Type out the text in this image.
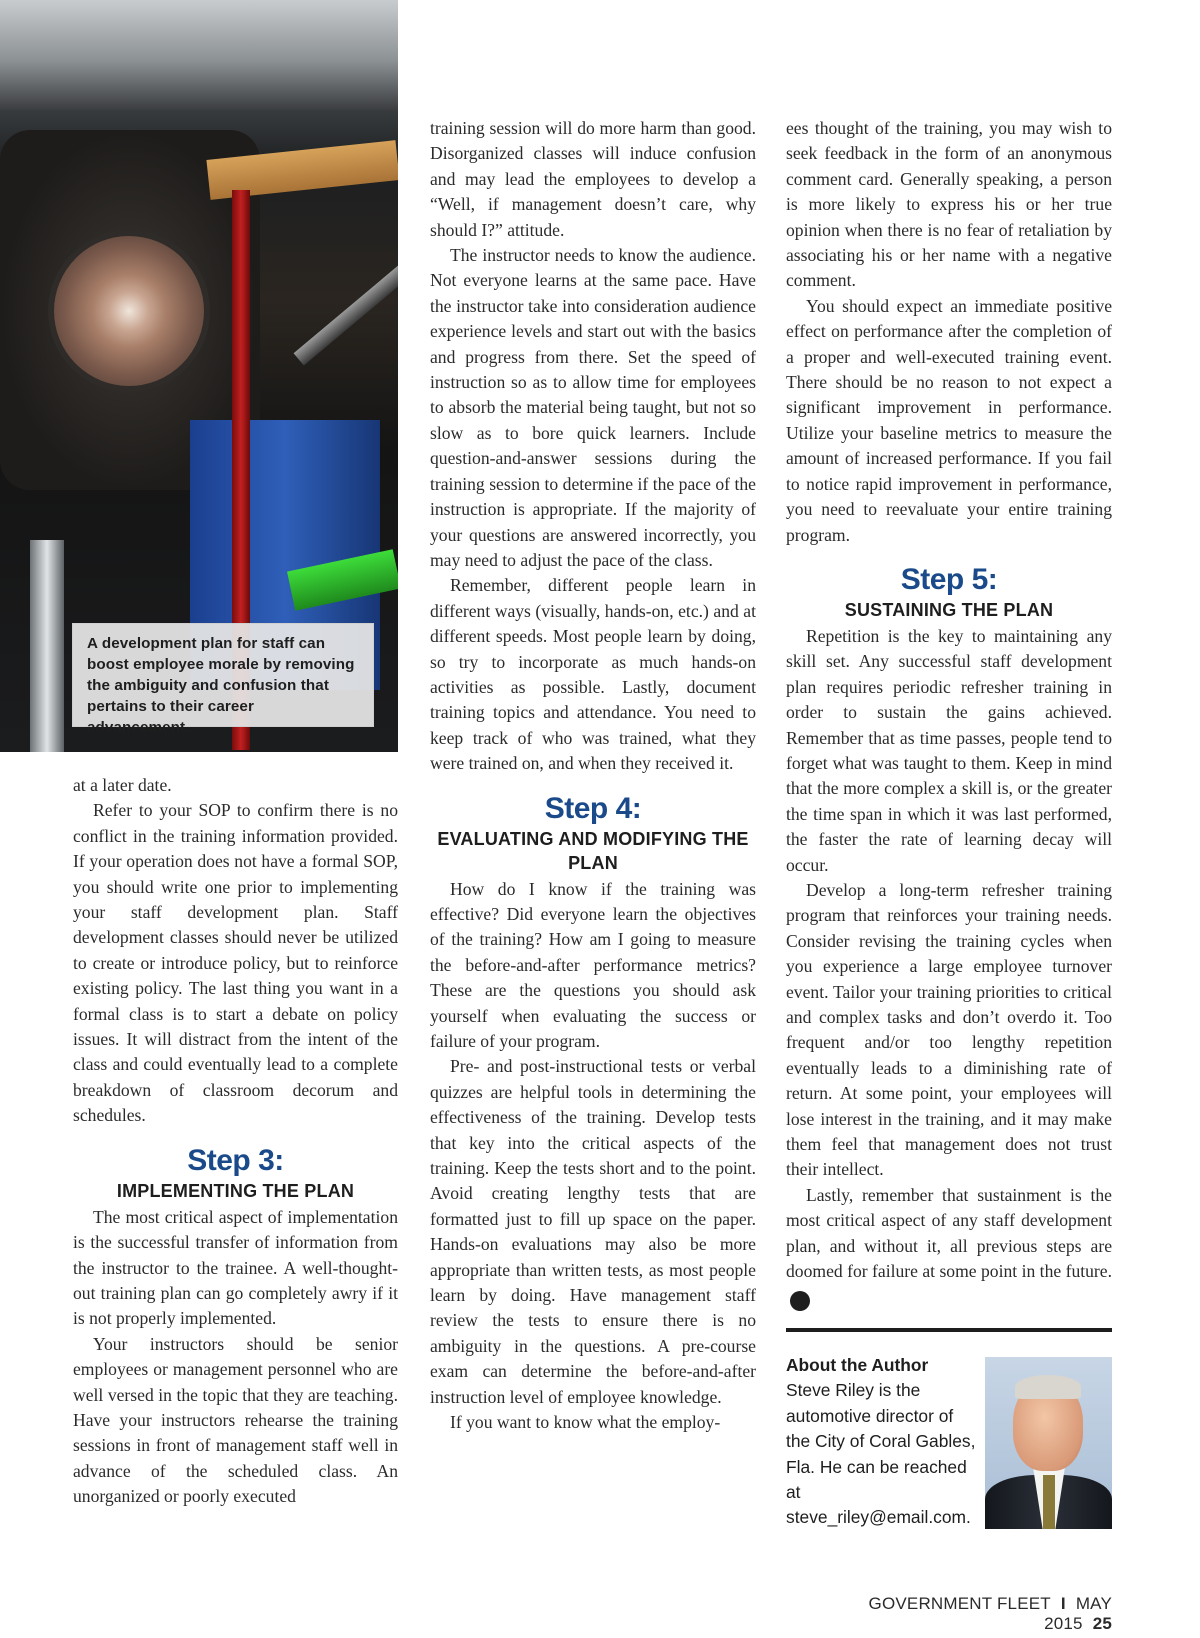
A development plan for staff can boost employee morale by removing the ambiguity and confusion that pertains to their career advancement.

at a later date.

Refer to your SOP to confirm there is no conflict in the training information provided. If your operation does not have a formal SOP, you should write one prior to implementing your staff development plan. Staff development classes should never be utilized to create or introduce policy, but to reinforce existing policy. The last thing you want in a formal class is to start a debate on policy issues. It will distract from the intent of the class and could eventually lead to a complete breakdown of classroom decorum and schedules.

Step 3:
IMPLEMENTING THE PLAN

The most critical aspect of implementation is the successful transfer of information from the instructor to the trainee. A well-thought-out training plan can go completely awry if it is not properly implemented.

Your instructors should be senior employees or management personnel who are well versed in the topic that they are teaching. Have your instructors rehearse the training sessions in front of management staff well in advance of the scheduled class. An unorganized or poorly executed

training session will do more harm than good. Disorganized classes will induce confusion and may lead the employees to develop a “Well, if management doesn’t care, why should I?” attitude.

The instructor needs to know the audience. Not everyone learns at the same pace. Have the instructor take into consideration audience experience levels and start out with the basics and progress from there. Set the speed of instruction so as to allow time for employees to absorb the material being taught, but not so slow as to bore quick learners. Include question-and-answer sessions during the training session to determine if the pace of the instruction is appropriate. If the majority of your questions are answered incorrectly, you may need to adjust the pace of the class.

Remember, different people learn in different ways (visually, hands-on, etc.) and at different speeds. Most people learn by doing, so try to incorporate as much hands-on activities as possible. Lastly, document training topics and attendance. You need to keep track of who was trained, what they were trained on, and when they received it.

Step 4:
EVALUATING AND MODIFYING THE PLAN

How do I know if the training was effective? Did everyone learn the objectives of the training? How am I going to measure the before-and-after performance metrics? These are the questions you should ask yourself when evaluating the success or failure of your program.

Pre- and post-instructional tests or verbal quizzes are helpful tools in determining the effectiveness of the training. Develop tests that key into the critical aspects of the training. Keep the tests short and to the point. Avoid creating lengthy tests that are formatted just to fill up space on the paper. Hands-on evaluations may also be more appropriate than written tests, as most people learn by doing. Have management staff review the tests to ensure there is no ambiguity in the questions. A pre-course exam can determine the before-and-after instruction level of employee knowledge.

If you want to know what the employ-

ees thought of the training, you may wish to seek feedback in the form of an anonymous comment card. Generally speaking, a person is more likely to express his or her true opinion when there is no fear of retaliation by associating his or her name with a negative comment.

You should expect an immediate positive effect on performance after the completion of a proper and well-executed training event. There should be no reason to not expect a significant improvement in performance. Utilize your baseline metrics to measure the amount of increased performance. If you fail to notice rapid improvement in performance, you need to reevaluate your entire training program.

Step 5:
SUSTAINING THE PLAN

Repetition is the key to maintaining any skill set. Any successful staff development plan requires periodic refresher training in order to sustain the gains achieved. Remember that as time passes, people tend to forget what was taught to them. Keep in mind that the more complex a skill is, or the greater the time span in which it was last performed, the faster the rate of learning decay will occur.

Develop a long-term refresher training program that reinforces your training needs. Consider revising the training cycles when you experience a large employee turnover event. Tailor your training priorities to critical and complex tasks and don’t overdo it. Too frequent and/or too lengthy repetition eventually leads to a diminishing rate of return. At some point, your employees will lose interest in the training, and it may make them feel that management does not trust their intellect.

Lastly, remember that sustainment is the most critical aspect of any staff development plan, and without it, all previous steps are doomed for failure at some point in the future.✪

About the Author
Steve Riley is the automotive director of the City of Coral Gables, Fla. He can be reached at steve_riley@email.com.
GOVERNMENT FLEET I MAY 2015 25
